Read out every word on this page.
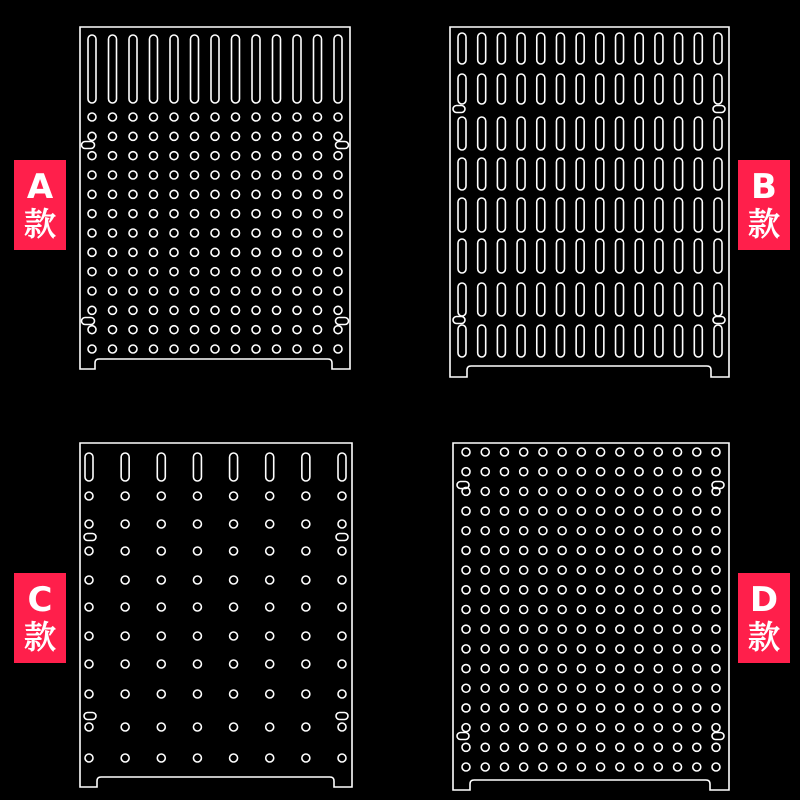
A
款
B
款
C
款
D
款
